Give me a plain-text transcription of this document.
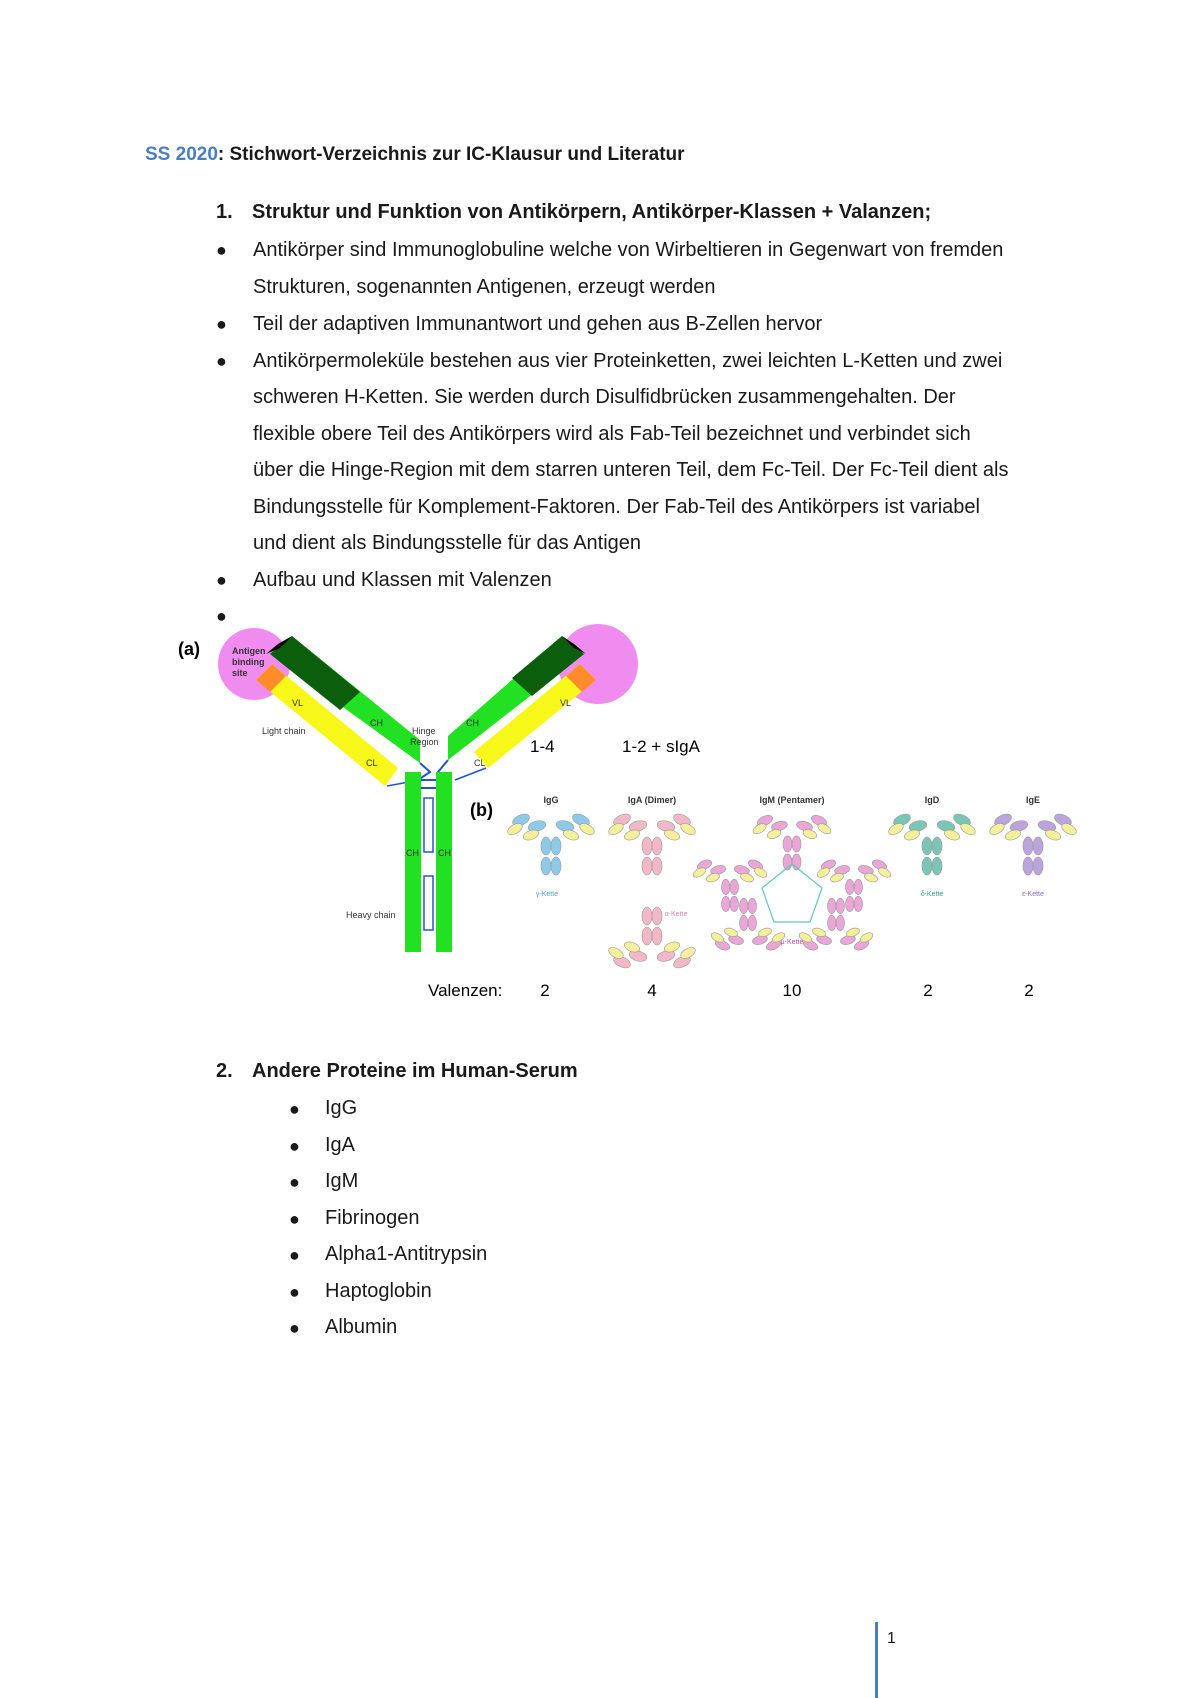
SS 2020: Stichwort-Verzeichnis zur IC-Klausur und Literatur
1. Struktur und Funktion von Antikörpern, Antikörper-Klassen + Valanzen;
● Antikörper sind Immunoglobuline welche von Wirbeltieren in Gegenwart von fremden
Strukturen, sogenannten Antigenen, erzeugt werden
● Teil der adaptiven Immunantwort und gehen aus B-Zellen hervor
● Antikörpermoleküle bestehen aus vier Proteinketten, zwei leichten L-Ketten und zwei
schweren H-Ketten. Sie werden durch Disulfidbrücken zusammengehalten. Der
flexible obere Teil des Antikörpers wird als Fab-Teil bezeichnet und verbindet sich
über die Hinge-Region mit dem starren unteren Teil, dem Fc-Teil. Der Fc-Teil dient als
Bindungsstelle für Komplement-Faktoren. Der Fab-Teil des Antikörpers ist variabel
und dient als Bindungsstelle für das Antigen
● Aufbau und Klassen mit Valenzen
●
(a)	Antigen
binding
site
Light chain
Heavy chain
Hinge
Region
VL	VL
CH	CH
CL	CL
CH CH
1-4	1-2 + sIgA
(b)	IgG	IgA (Dimer)	IgM (Pentamer)	IgD	IgE
γ-Kette
α-Kette
μ-Kette
δ-Kette	ε-Kette
Valenzen: 2	4	10	2	2
2. Andere Proteine im Human-Serum
● IgG
● IgA
● IgM
● Fibrinogen
● Alpha1-Antitrypsin
● Haptoglobin
● Albumin
1
